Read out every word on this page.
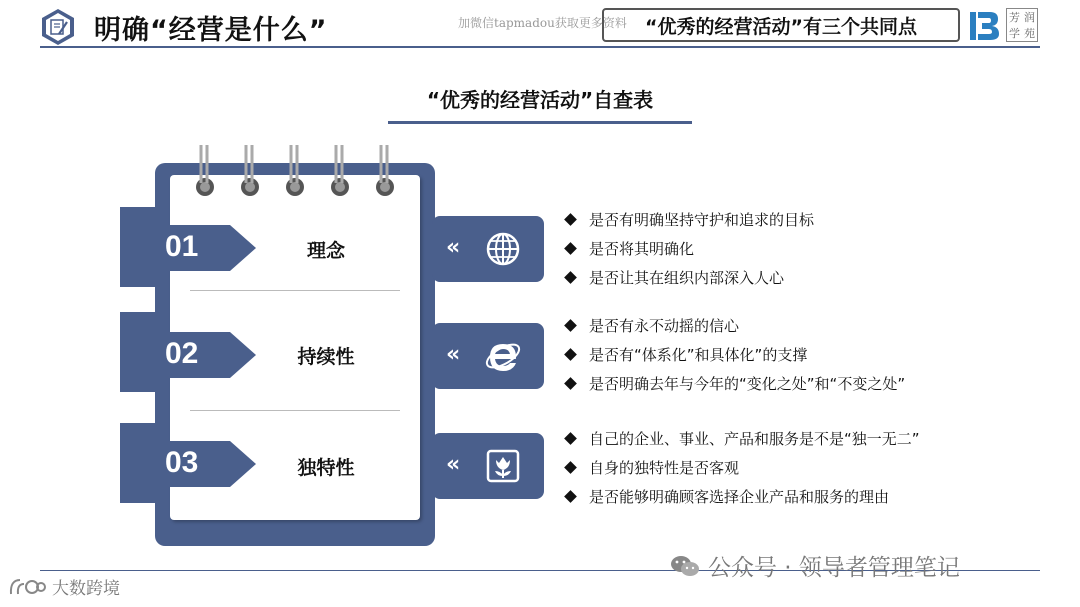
明确“经营是什么”	加微信tapmadou获取更多资料 “优秀的经营活动”有三个共同点	芳 润
学 苑
“优秀的经营活动”自查表
01	理念
02	持续性
03	独特性
«
«
«
是否有明确坚持守护和追求的目标
是否将其明确化
是否让其在组织内部深入人心
是否有永不动摇的信心
是否有“体系化”和具体化”的支撑
是否明确去年与今年的“变化之处”和“不变之处”
自己的企业、事业、产品和服务是不是“独一无二”
自身的独特性是否客观
是否能够明确顾客选择企业产品和服务的理由
公众号 · 领导者管理笔记
大数跨境
